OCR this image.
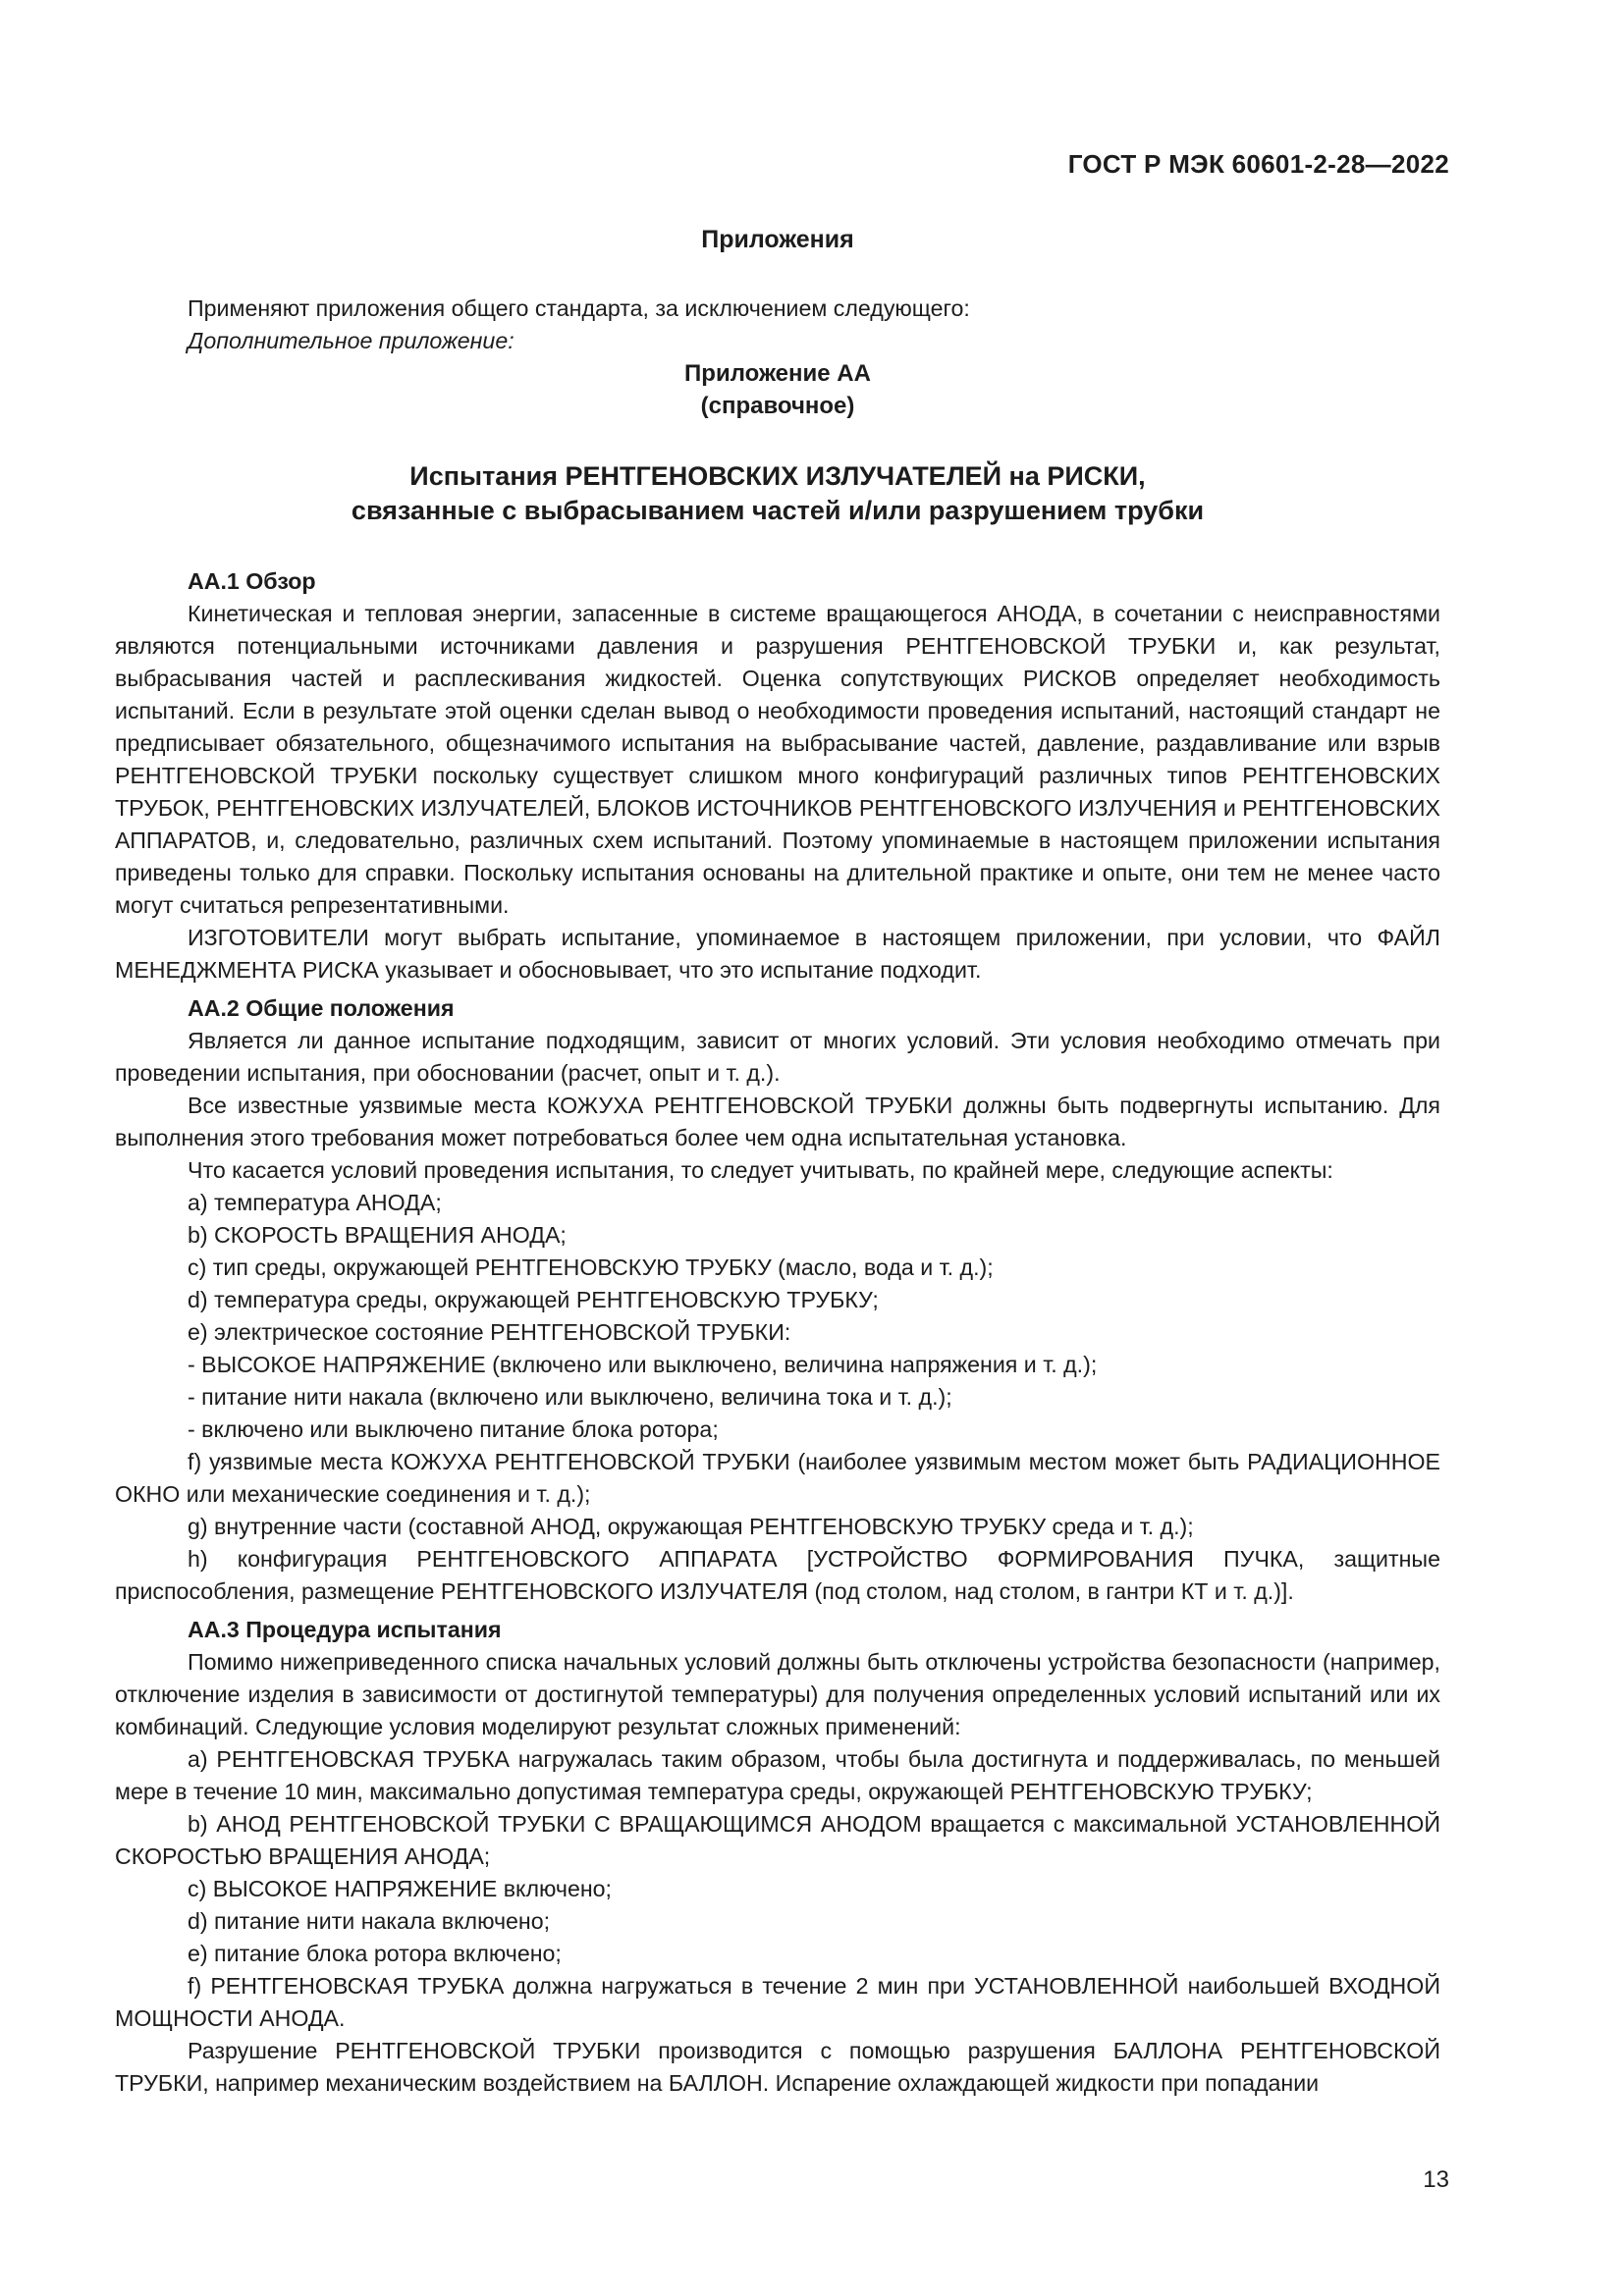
ГОСТ Р МЭК 60601-2-28—2022

Приложения

Применяют приложения общего стандарта, за исключением следующего:

Дополнительное приложение:

Приложение АА

(справочное)

Испытания РЕНТГЕНОВСКИХ ИЗЛУЧАТЕЛЕЙ на РИСКИ,

связанные с выбрасыванием частей и/или разрушением трубки

АА.1 Обзор

Кинетическая и тепловая энергии, запасенные в системе вращающегося АНОДА, в сочетании с неисправностями являются потенциальными источниками давления и разрушения РЕНТГЕНОВСКОЙ ТРУБКИ и, как результат, выбрасывания частей и расплескивания жидкостей. Оценка сопутствующих РИСКОВ определяет необходимость испытаний. Если в результате этой оценки сделан вывод о необходимости проведения испытаний, настоящий стандарт не предписывает обязательного, общезначимого испытания на выбрасывание частей, давление, раздавливание или взрыв РЕНТГЕНОВСКОЙ ТРУБКИ поскольку существует слишком много конфигураций различных типов РЕНТГЕНОВСКИХ ТРУБОК, РЕНТГЕНОВСКИХ ИЗЛУЧАТЕЛЕЙ, БЛОКОВ ИСТОЧНИКОВ РЕНТГЕНОВСКОГО ИЗЛУЧЕНИЯ и РЕНТГЕНОВСКИХ АППАРАТОВ, и, следовательно, различных схем испытаний. Поэтому упоминаемые в настоящем приложении испытания приведены только для справки. Поскольку испытания основаны на длительной практике и опыте, они тем не менее часто могут считаться репрезентативными.

ИЗГОТОВИТЕЛИ могут выбрать испытание, упоминаемое в настоящем приложении, при условии, что ФАЙЛ МЕНЕДЖМЕНТА РИСКА указывает и обосновывает, что это испытание подходит.

АА.2 Общие положения

Является ли данное испытание подходящим, зависит от многих условий. Эти условия необходимо отмечать при проведении испытания, при обосновании (расчет, опыт и т. д.).

Все известные уязвимые места КОЖУХА РЕНТГЕНОВСКОЙ ТРУБКИ должны быть подвергнуты испытанию. Для выполнения этого требования может потребоваться более чем одна испытательная установка.

Что касается условий проведения испытания, то следует учитывать, по крайней мере, следующие аспекты:

a) температура АНОДА;

b) СКОРОСТЬ ВРАЩЕНИЯ АНОДА;

c) тип среды, окружающей РЕНТГЕНОВСКУЮ ТРУБКУ (масло, вода и т. д.);

d) температура среды, окружающей РЕНТГЕНОВСКУЮ ТРУБКУ;

e) электрическое состояние РЕНТГЕНОВСКОЙ ТРУБКИ:

- ВЫСОКОЕ НАПРЯЖЕНИЕ (включено или выключено, величина напряжения и т. д.);

- питание нити накала (включено или выключено, величина тока и т. д.);

- включено или выключено питание блока ротора;

f) уязвимые места КОЖУХА РЕНТГЕНОВСКОЙ ТРУБКИ (наиболее уязвимым местом может быть РАДИАЦИОННОЕ ОКНО или механические соединения и т. д.);

g) внутренние части (составной АНОД, окружающая РЕНТГЕНОВСКУЮ ТРУБКУ среда и т. д.);

h) конфигурация РЕНТГЕНОВСКОГО АППАРАТА [УСТРОЙСТВО ФОРМИРОВАНИЯ ПУЧКА, защитные приспособления, размещение РЕНТГЕНОВСКОГО ИЗЛУЧАТЕЛЯ (под столом, над столом, в гантри КТ и т. д.)].

АА.3 Процедура испытания

Помимо нижеприведенного списка начальных условий должны быть отключены устройства безопасности (например, отключение изделия в зависимости от достигнутой температуры) для получения определенных условий испытаний или их комбинаций. Следующие условия моделируют результат сложных применений:

a) РЕНТГЕНОВСКАЯ ТРУБКА нагружалась таким образом, чтобы была достигнута и поддерживалась, по меньшей мере в течение 10 мин, максимально допустимая температура среды, окружающей РЕНТГЕНОВСКУЮ ТРУБКУ;

b) АНОД РЕНТГЕНОВСКОЙ ТРУБКИ С ВРАЩАЮЩИМСЯ АНОДОМ вращается с максимальной УСТАНОВЛЕННОЙ СКОРОСТЬЮ ВРАЩЕНИЯ АНОДА;

c) ВЫСОКОЕ НАПРЯЖЕНИЕ включено;

d) питание нити накала включено;

e) питание блока ротора включено;

f) РЕНТГЕНОВСКАЯ ТРУБКА должна нагружаться в течение 2 мин при УСТАНОВЛЕННОЙ наибольшей ВХОДНОЙ МОЩНОСТИ АНОДА.

Разрушение РЕНТГЕНОВСКОЙ ТРУБКИ производится с помощью разрушения БАЛЛОНА РЕНТГЕНОВСКОЙ ТРУБКИ, например механическим воздействием на БАЛЛОН. Испарение охлаждающей жидкости при попадании

13
